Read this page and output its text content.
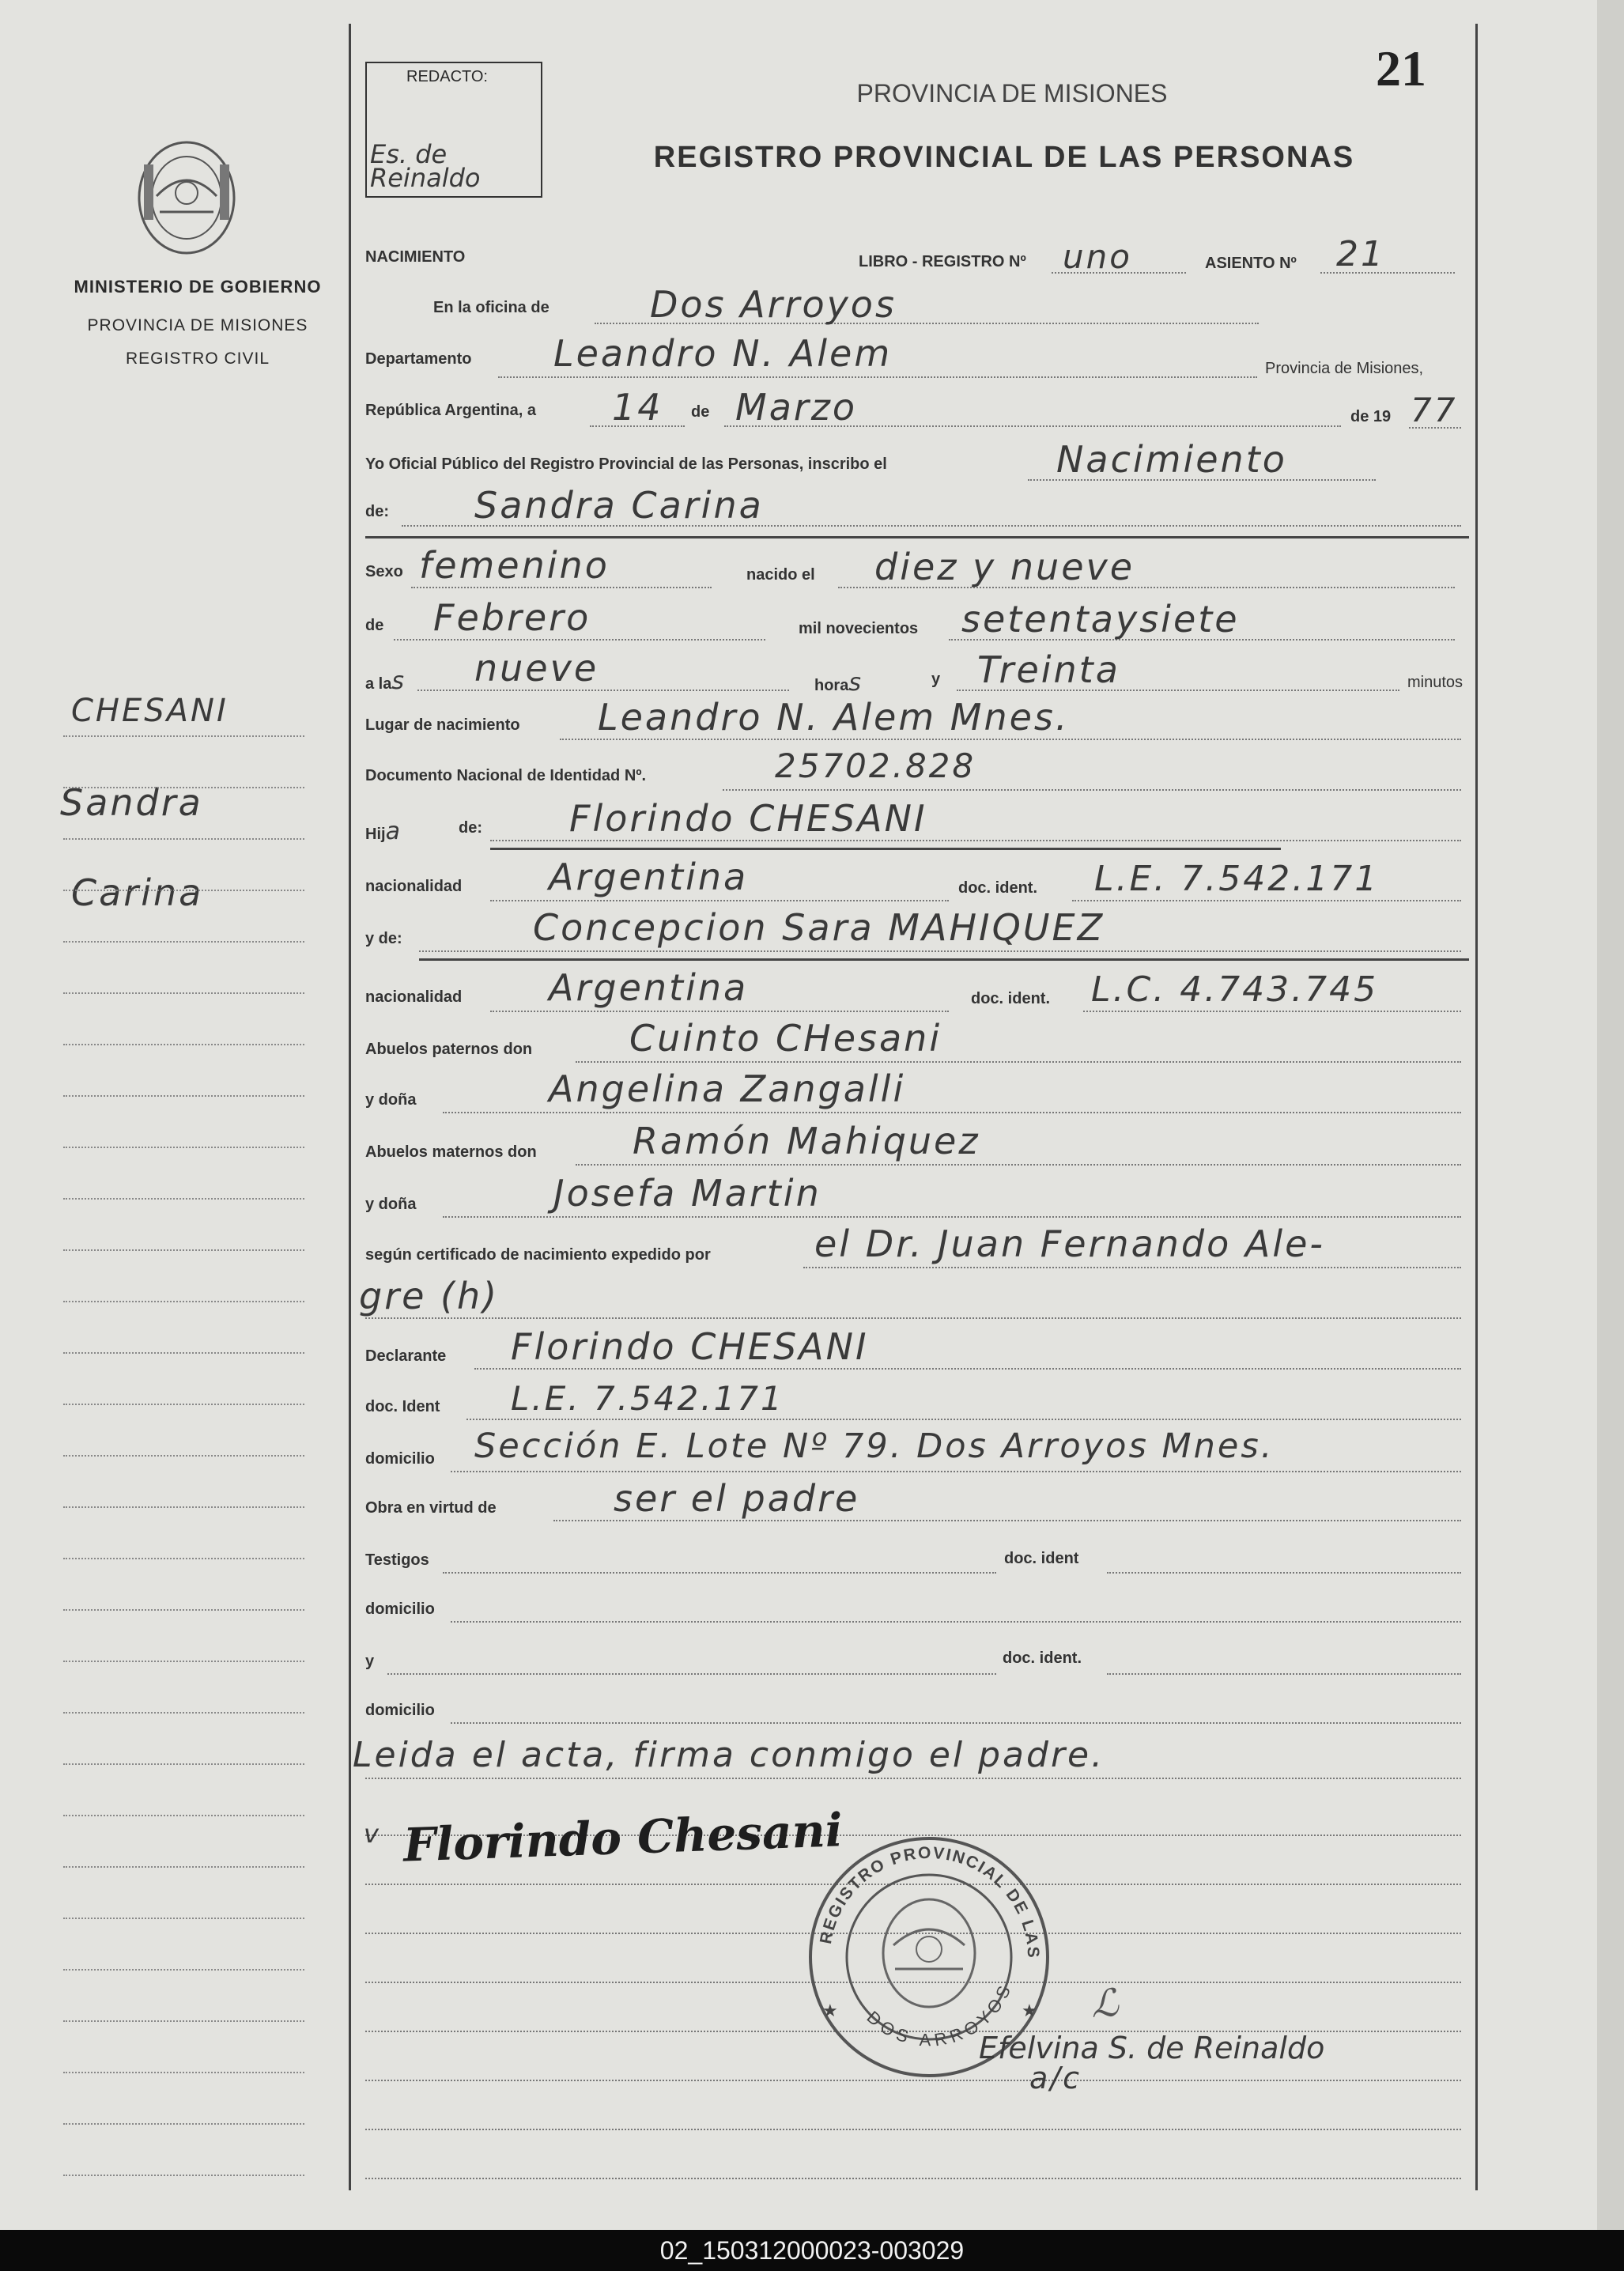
21
REDACTO:
Es. de Reinaldo
PROVINCIA DE MISIONES
REGISTRO PROVINCIAL DE LAS PERSONAS
MINISTERIO DE GOBIERNO
PROVINCIA DE MISIONES
REGISTRO CIVIL
CHESANI
Sandra
Carina
NACIMIENTO	LIBRO - REGISTRO Nº uno	ASIENTO Nº 21
En la oficina de	Dos Arroyos
Departamento Leandro N. Alem	Provincia de Misiones,
República Argentina, a 14 de Marzo	de 19 77
Yo Oficial Público del Registro Provincial de las Personas, inscribo el	Nacimiento
de: Sandra Carina
Sexo femenino	nacido el diez y nueve
de Febrero	mil novecientos setentaysiete
a las nueve	horas	y Treinta	minutos
Lugar de nacimiento Leandro N. Alem Mnes.
Documento Nacional de Identidad Nº.	25702.828
Hija	de: Florindo CHESANI
nacionalidad Argentina	doc. ident. L.E. 7.542.171
y de:	Concepcion Sara MAHIQUEZ
nacionalidad Argentina	doc. ident. L.C. 4.743.745
Abuelos paternos don	Cuinto CHesani
y doña	Angelina Zangalli
Abuelos maternos don	Ramón Mahiquez
y doña	Josefa Martin
según certificado de nacimiento expedido por	el Dr. Juan Fernando Ale-
gre (h)
Declarante Florindo CHESANI
doc. Ident L.E. 7.542.171
domicilio Sección E. Lote Nº 79. Dos Arroyos Mnes.
Obra en virtud de	ser el padre
Testigos	doc. ident
domicilio
y	doc. ident.
domicilio
Leida el acta, firma conmigo el padre.
v Florindo Chesani
REGISTRO PROVINCIAL DE LAS
DOS ARROYOS
★	★ ℒ
Efelvina S. de Reinaldo
a/c
02_150312000023-003029
